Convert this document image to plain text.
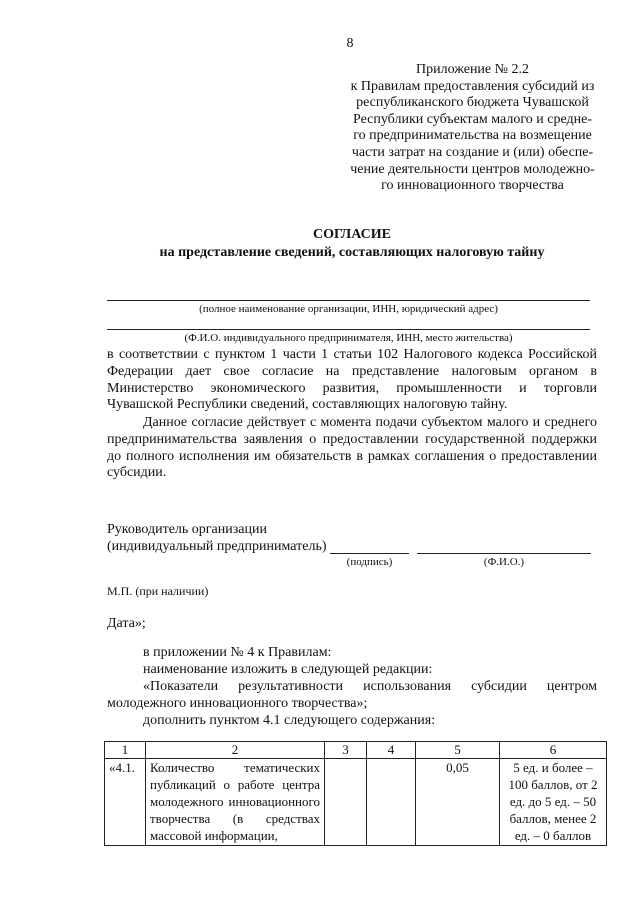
8
Приложение № 2.2
к Правилам предоставления субсидий из
республиканского бюджета Чувашской
Республики субъектам малого и средне-
го предпринимательства на возмещение
части затрат на создание и (или) обеспе-
чение деятельности центров молодежно-
го инновационного творчества
СОГЛАСИЕ
на представление сведений, составляющих налоговую тайну
(полное наименование организации, ИНН, юридический адрес)
(Ф.И.О. индивидуального предпринимателя, ИНН, место жительства)
в соответствии с пунктом 1 части 1 статьи 102 Налогового кодекса Российской Федерации дает свое согласие на представление налоговым органом в Министерство экономического развития, промышленности и торговли Чувашской Республики сведений, составляющих налоговую тайну.
Данное согласие действует с момента подачи субъектом малого и среднего предпринимательства заявления о предоставлении государственной поддержки до полного исполнения им обязательств в рамках соглашения о предоставлении субсидии.
Руководитель организации
(индивидуальный предприниматель)
(подпись)	(Ф.И.О.)
М.П. (при наличии)
Дата»;
в приложении № 4 к Правилам:
наименование изложить в следующей редакции:
«Показатели результативности использования субсидии центром молодежного инновационного творчества»;
дополнить пунктом 4.1 следующего содержания:
1	2	3	4	5	6
«4.1.	Количество тематических публикаций о работе центра молодежного инновационного творчества (в средствах массовой информации,			0,05	5 ед. и более – 100 баллов, от 2 ед. до 5 ед. – 50 баллов, менее 2 ед. – 0 баллов
